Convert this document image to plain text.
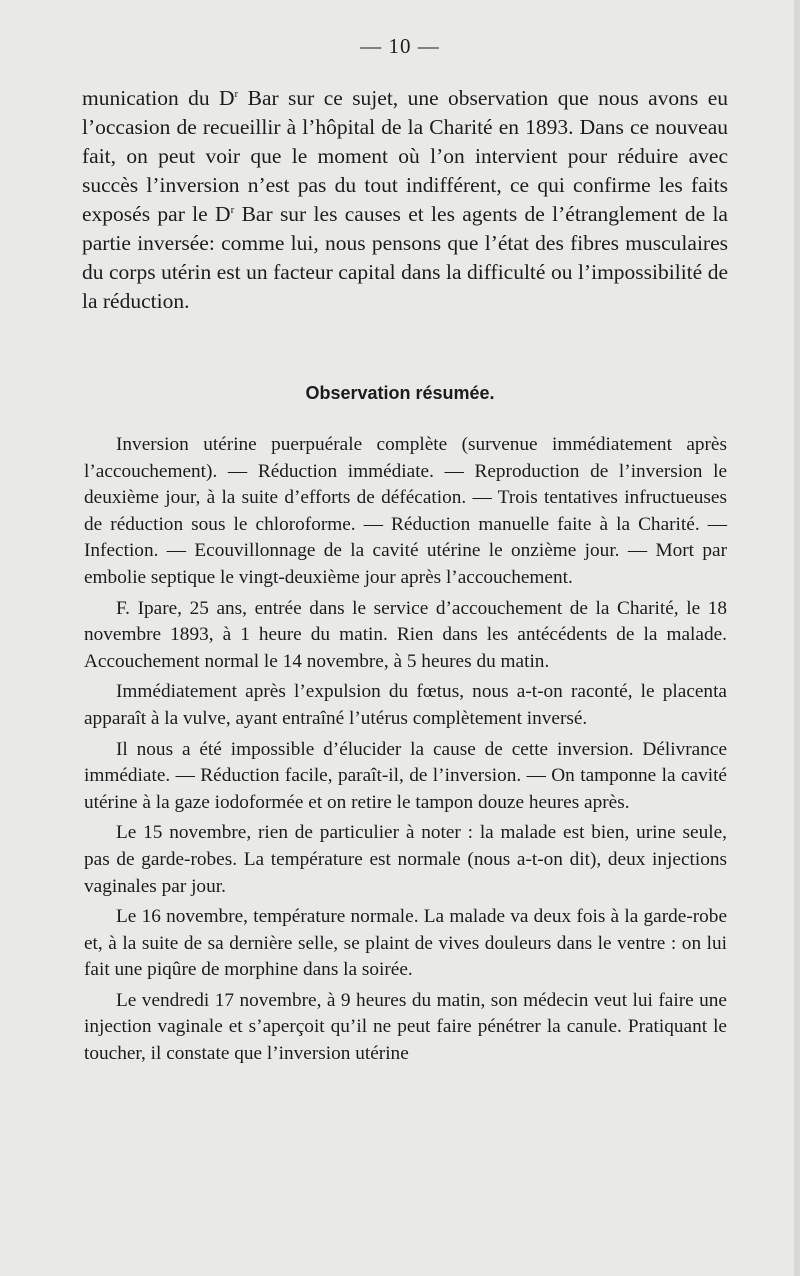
— 10 —

munication du $D^r$ Bar sur ce sujet, une observation que nous avons eu l’occasion de recueillir à l’hôpital de la Charité en 1893. Dans ce nouveau fait, on peut voir que le moment où l’on intervient pour réduire avec succès l’inversion n’est pas du tout indifférent, ce qui confirme les faits exposés par le $D^r$ Bar sur les causes et les agents de l’étranglement de la partie inversée: comme lui, nous pensons que l’état des fibres musculaires du corps utérin est un facteur capital dans la difficulté ou l’impossibilité de la réduction.

Observation résumée.

Inversion utérine puerpuérale complète (survenue immédiatement après l’accouchement). — Réduction immédiate. — Reproduction de l’inversion le deuxième jour, à la suite d’efforts de défécation. — Trois tentatives infructueuses de réduction sous le chloroforme. — Réduction manuelle faite à la Charité. — Infection. — Ecouvillonnage de la cavité utérine le onzième jour. — Mort par embolie septique le vingt-deuxième jour après l’accouchement.

F. Ipare, 25 ans, entrée dans le service d’accouchement de la Charité, le 18 novembre 1893, à 1 heure du matin. Rien dans les antécédents de la malade. Accouchement normal le 14 novembre, à 5 heures du matin.

Immédiatement après l’expulsion du fœtus, nous a-t-on raconté, le placenta apparaît à la vulve, ayant entraîné l’utérus complètement inversé.

Il nous a été impossible d’élucider la cause de cette inversion. Délivrance immédiate. — Réduction facile, paraît-il, de l’inversion. — On tamponne la cavité utérine à la gaze iodoformée et on retire le tampon douze heures après.

Le 15 novembre, rien de particulier à noter : la malade est bien, urine seule, pas de garde-robes. La température est normale (nous a-t-on dit), deux injections vaginales par jour.

Le 16 novembre, température normale. La malade va deux fois à la garde-robe et, à la suite de sa dernière selle, se plaint de vives douleurs dans le ventre : on lui fait une piqûre de morphine dans la soirée.

Le vendredi 17 novembre, à 9 heures du matin, son médecin veut lui faire une injection vaginale et s’aperçoit qu’il ne peut faire pénétrer la canule. Pratiquant le toucher, il constate que l’inversion utérine
